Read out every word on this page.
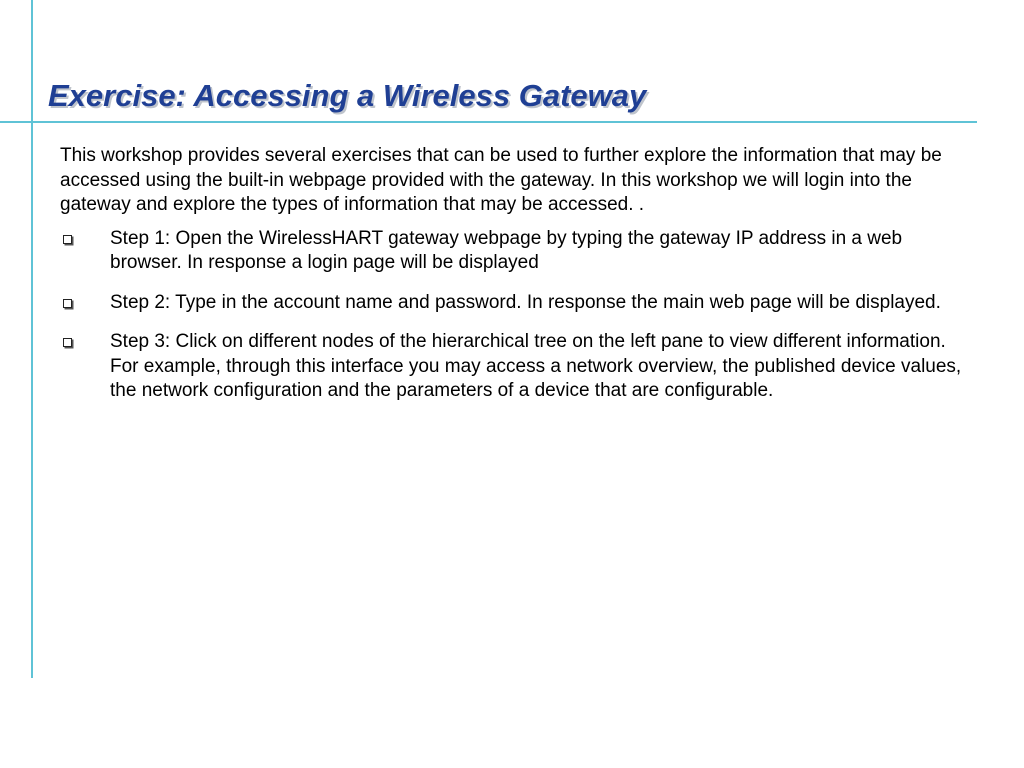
Exercise: Accessing a Wireless Gateway

This workshop provides several exercises that can be used to further explore the information that may be accessed using the built-in webpage provided with the gateway. In this workshop we will login into the gateway and explore the types of information that may be accessed. .

Step 1: Open the WirelessHART gateway webpage by typing the gateway IP address in a web browser. In response a login page will be displayed
Step 2: Type in the account name and password. In response the main web page will be displayed.
Step 3: Click on different nodes of the hierarchical tree on the left pane to view different information. For example, through this interface you may access a network overview, the published device values, the network configuration and the parameters of a device that are configurable.
